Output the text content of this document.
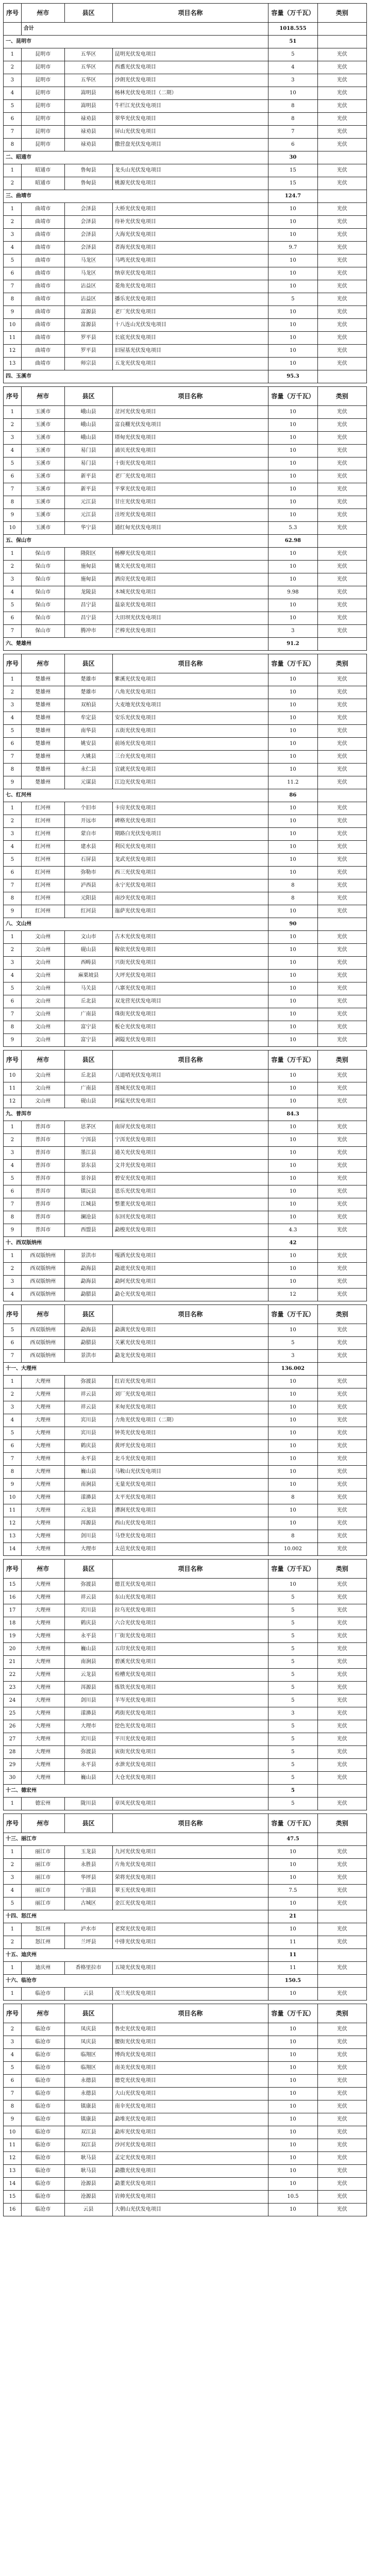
序号	州市	县区	项目名称	容量（万千瓦）	类别
	合计			1018.555	
一、昆明市				51	
1	昆明市	五华区	昆明光伏发电项目	5	光伏
2	昆明市	五华区	西翥光伏发电项目	4	光伏
3	昆明市	五华区	沙朗光伏发电项目	3	光伏
4	昆明市	嵩明县	杨林光伏发电项目（二期）	10	光伏
5	昆明市	嵩明县	牛栏江光伏发电项目	8	光伏
6	昆明市	禄劝县	翠华光伏发电项目	8	光伏
7	昆明市	禄劝县	屏山光伏发电项目	7	光伏
8	昆明市	禄劝县	撒营盘光伏发电项目	6	光伏
二、昭通市				30	
1	昭通市	鲁甸县	龙头山光伏发电项目	15	光伏
2	昭通市	鲁甸县	桃源光伏发电项目	15	光伏
三、曲靖市				124.7	
1	曲靖市	会泽县	大桥光伏发电项目	10	光伏
2	曲靖市	会泽县	待补光伏发电项目	10	光伏
3	曲靖市	会泽县	大海光伏发电项目	10	光伏
4	曲靖市	会泽县	者海光伏发电项目	9.7	光伏
5	曲靖市	马龙区	马鸣光伏发电项目	10	光伏
6	曲靖市	马龙区	纳章光伏发电项目	10	光伏
7	曲靖市	沾益区	菱角光伏发电项目	10	光伏
8	曲靖市	沾益区	播乐光伏发电项目	5	光伏
9	曲靖市	富源县	老厂光伏发电项目	10	光伏
10	曲靖市	富源县	十八连山光伏发电项目	10	光伏
11	曲靖市	罗平县	长底光伏发电项目	10	光伏
12	曲靖市	罗平县	旧屋基光伏发电项目	10	光伏
13	曲靖市	师宗县	五龙光伏发电项目	10	光伏
四、玉溪市				95.3	
序号	州市	县区	项目名称	容量（万千瓦）	类别
1	玉溪市	峨山县	岔河光伏发电项目	10	光伏
2	玉溪市	峨山县	富良棚光伏发电项目	10	光伏
3	玉溪市	峨山县	塔甸光伏发电项目	10	光伏
4	玉溪市	易门县	浦贝光伏发电项目	10	光伏
5	玉溪市	易门县	十街光伏发电项目	10	光伏
6	玉溪市	新平县	老厂光伏发电项目	10	光伏
7	玉溪市	新平县	平掌光伏发电项目	10	光伏
8	玉溪市	元江县	甘庄光伏发电项目	10	光伏
9	玉溪市	元江县	洼垤光伏发电项目	10	光伏
10	玉溪市	华宁县	通红甸光伏发电项目	5.3	光伏
五、保山市				62.98	
1	保山市	隆阳区	杨柳光伏发电项目	10	光伏
2	保山市	施甸县	姚关光伏发电项目	10	光伏
3	保山市	施甸县	酒房光伏发电项目	10	光伏
4	保山市	龙陵县	木城光伏发电项目	9.98	光伏
5	保山市	昌宁县	温泉光伏发电项目	10	光伏
6	保山市	昌宁县	大田坝光伏发电项目	10	光伏
7	保山市	腾冲市	芒棒光伏发电项目	3	光伏
六、楚雄州				91.2	
序号	州市	县区	项目名称	容量（万千瓦）	类别
1	楚雄州	楚雄市	紫溪光伏发电项目	10	光伏
2	楚雄州	楚雄市	八角光伏发电项目	10	光伏
3	楚雄州	双柏县	大麦地光伏发电项目	10	光伏
4	楚雄州	牟定县	安乐光伏发电项目	10	光伏
5	楚雄州	南华县	五街光伏发电项目	10	光伏
6	楚雄州	姚安县	前场光伏发电项目	10	光伏
7	楚雄州	大姚县	三台光伏发电项目	10	光伏
8	楚雄州	永仁县	宜就光伏发电项目	10	光伏
9	楚雄州	元谋县	江边光伏发电项目	11.2	光伏
七、红河州				86	
1	红河州	个旧市	卡房光伏发电项目	10	光伏
2	红河州	开远市	碑格光伏发电项目	10	光伏
3	红河州	蒙自市	期路白光伏发电项目	10	光伏
4	红河州	建水县	利民光伏发电项目	10	光伏
5	红河州	石屏县	龙武光伏发电项目	10	光伏
6	红河州	弥勒市	西三光伏发电项目	10	光伏
7	红河州	泸西县	永宁光伏发电项目	8	光伏
8	红河州	元阳县	南沙光伏发电项目	8	光伏
9	红河州	红河县	迤萨光伏发电项目	10	光伏
八、文山州				90	
1	文山州	文山市	古木光伏发电项目	10	光伏
2	文山州	砚山县	稼依光伏发电项目	10	光伏
3	文山州	西畴县	兴街光伏发电项目	10	光伏
4	文山州	麻栗坡县	大坪光伏发电项目	10	光伏
5	文山州	马关县	八寨光伏发电项目	10	光伏
6	文山州	丘北县	双龙营光伏发电项目	10	光伏
7	文山州	广南县	珠街光伏发电项目	10	光伏
8	文山州	富宁县	板仑光伏发电项目	10	光伏
9	文山州	富宁县	剥隘光伏发电项目	10	光伏
序号	州市	县区	项目名称	容量（万千瓦）	类别
10	文山州	丘北县	八道哨光伏发电项目	10	光伏
11	文山州	广南县	莲城光伏发电项目	10	光伏
12	文山州	砚山县	阿猛光伏发电项目	10	光伏
九、普洱市				84.3	
1	普洱市	思茅区	南屏光伏发电项目	10	光伏
2	普洱市	宁洱县	宁洱光伏发电项目	10	光伏
3	普洱市	墨江县	通关光伏发电项目	10	光伏
4	普洱市	景东县	文井光伏发电项目	10	光伏
5	普洱市	景谷县	碧安光伏发电项目	10	光伏
6	普洱市	镇沅县	恩乐光伏发电项目	10	光伏
7	普洱市	江城县	整董光伏发电项目	10	光伏
8	普洱市	澜沧县	东回光伏发电项目	10	光伏
9	普洱市	西盟县	勐梭光伏发电项目	4.3	光伏
十、西双版纳州				42	
1	西双版纳州	景洪市	嘎洒光伏发电项目	10	光伏
2	西双版纳州	勐海县	勐遮光伏发电项目	10	光伏
3	西双版纳州	勐海县	勐阿光伏发电项目	10	光伏
4	西双版纳州	勐腊县	勐仑光伏发电项目	12	光伏
序号	州市	县区	项目名称	容量（万千瓦）	类别
5	西双版纳州	勐海县	勐满光伏发电项目	10	光伏
6	西双版纳州	勐腊县	关累光伏发电项目	5	光伏
7	西双版纳州	景洪市	勐龙光伏发电项目	3	光伏
十一、大理州				136.002	
1	大理州	弥渡县	红岩光伏发电项目	10	光伏
2	大理州	祥云县	刘厂光伏发电项目	10	光伏
3	大理州	祥云县	米甸光伏发电项目	10	光伏
4	大理州	宾川县	力角光伏发电项目（二期）	10	光伏
5	大理州	宾川县	钟英光伏发电项目	10	光伏
6	大理州	鹤庆县	黄坪光伏发电项目	10	光伏
7	大理州	永平县	北斗光伏发电项目	10	光伏
8	大理州	巍山县	马鞍山光伏发电项目	10	光伏
9	大理州	南涧县	无量光伏发电项目	10	光伏
10	大理州	漾濞县	太平光伏发电项目	8	光伏
11	大理州	云龙县	漕涧光伏发电项目	10	光伏
12	大理州	洱源县	西山光伏发电项目	10	光伏
13	大理州	剑川县	马登光伏发电项目	8	光伏
14	大理州	大理市	太邑光伏发电项目	10.002	光伏
序号	州市	县区	项目名称	容量（万千瓦）	类别
15	大理州	弥渡县	德苴光伏发电项目	10	光伏
16	大理州	祥云县	东山光伏发电项目	5	光伏
17	大理州	宾川县	拉乌光伏发电项目	5	光伏
18	大理州	鹤庆县	六合光伏发电项目	5	光伏
19	大理州	永平县	厂街光伏发电项目	5	光伏
20	大理州	巍山县	五印光伏发电项目	5	光伏
21	大理州	南涧县	碧溪光伏发电项目	5	光伏
22	大理州	云龙县	检槽光伏发电项目	5	光伏
23	大理州	洱源县	炼铁光伏发电项目	5	光伏
24	大理州	剑川县	羊岑光伏发电项目	5	光伏
25	大理州	漾濞县	鸡街光伏发电项目	3	光伏
26	大理州	大理市	挖色光伏发电项目	5	光伏
27	大理州	宾川县	平川光伏发电项目	5	光伏
28	大理州	弥渡县	寅街光伏发电项目	5	光伏
29	大理州	永平县	水泄光伏发电项目	5	光伏
30	大理州	巍山县	大仓光伏发电项目	5	光伏
十二、德宏州				5	
1	德宏州	陇川县	章凤光伏发电项目	5	光伏
序号	州市	县区	项目名称	容量（万千瓦）	类别
十三、丽江市				47.5	
1	丽江市	玉龙县	九河光伏发电项目	10	光伏
2	丽江市	永胜县	片角光伏发电项目	10	光伏
3	丽江市	华坪县	荣将光伏发电项目	10	光伏
4	丽江市	宁蒗县	翠玉光伏发电项目	7.5	光伏
5	丽江市	古城区	金江光伏发电项目	10	光伏
十四、怒江州				21	
1	怒江州	泸水市	老窝光伏发电项目	10	光伏
2	怒江州	兰坪县	中排光伏发电项目	11	光伏
十五、迪庆州				11	
1	迪庆州	香格里拉市	五境光伏发电项目	11	光伏
十六、临沧市				150.5	
1	临沧市	云县	茂兰光伏发电项目	10	光伏
序号	州市	县区	项目名称	容量（万千瓦）	类别
2	临沧市	凤庆县	鲁史光伏发电项目	10	光伏
3	临沧市	凤庆县	腰街光伏发电项目	10	光伏
4	临沧市	临翔区	博尚光伏发电项目	10	光伏
5	临沧市	临翔区	南美光伏发电项目	10	光伏
6	临沧市	永德县	德党光伏发电项目	10	光伏
7	临沧市	永德县	大山光伏发电项目	10	光伏
8	临沧市	镇康县	南伞光伏发电项目	10	光伏
9	临沧市	镇康县	勐堆光伏发电项目	10	光伏
10	临沧市	双江县	勐库光伏发电项目	10	光伏
11	临沧市	双江县	沙河光伏发电项目	10	光伏
12	临沧市	耿马县	孟定光伏发电项目	10	光伏
13	临沧市	耿马县	勐撒光伏发电项目	10	光伏
14	临沧市	沧源县	勐董光伏发电项目	10	光伏
15	临沧市	沧源县	岩帅光伏发电项目	10.5	光伏
16	临沧市	云县	大朝山光伏发电项目	10	光伏
